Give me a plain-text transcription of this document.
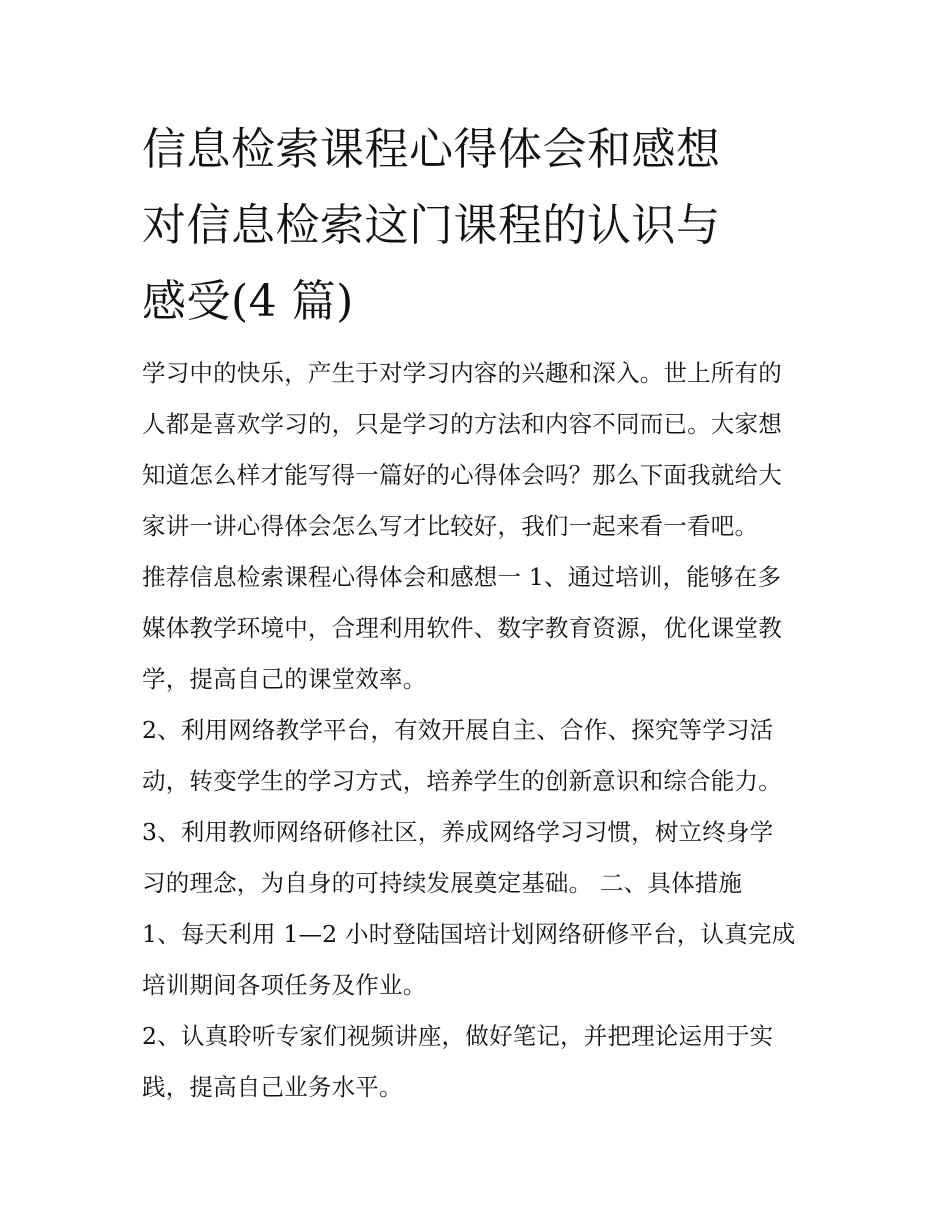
信息检索课程心得体会和感想
对信息检索这门课程的认识与
感受(4 篇)

学习中的快乐，产生于对学习内容的兴趣和深入。世上所有的
人都是喜欢学习的，只是学习的方法和内容不同而已。大家想
知道怎么样才能写得一篇好的心得体会吗？那么下面我就给大
家讲一讲心得体会怎么写才比较好，我们一起来看一看吧。

推荐信息检索课程心得体会和感想一 1、通过培训，能够在多
媒体教学环境中，合理利用软件、数字教育资源，优化课堂教
学，提高自己的课堂效率。

2、利用网络教学平台，有效开展自主、合作、探究等学习活
动，转变学生的学习方式，培养学生的创新意识和综合能力。

3、利用教师网络研修社区，养成网络学习习惯，树立终身学
习的理念，为自身的可持续发展奠定基础。 二、具体措施

1、每天利用 1—2 小时登陆国培计划网络研修平台，认真完成
培训期间各项任务及作业。

2、认真聆听专家们视频讲座，做好笔记，并把理论运用于实
践，提高自己业务水平。
